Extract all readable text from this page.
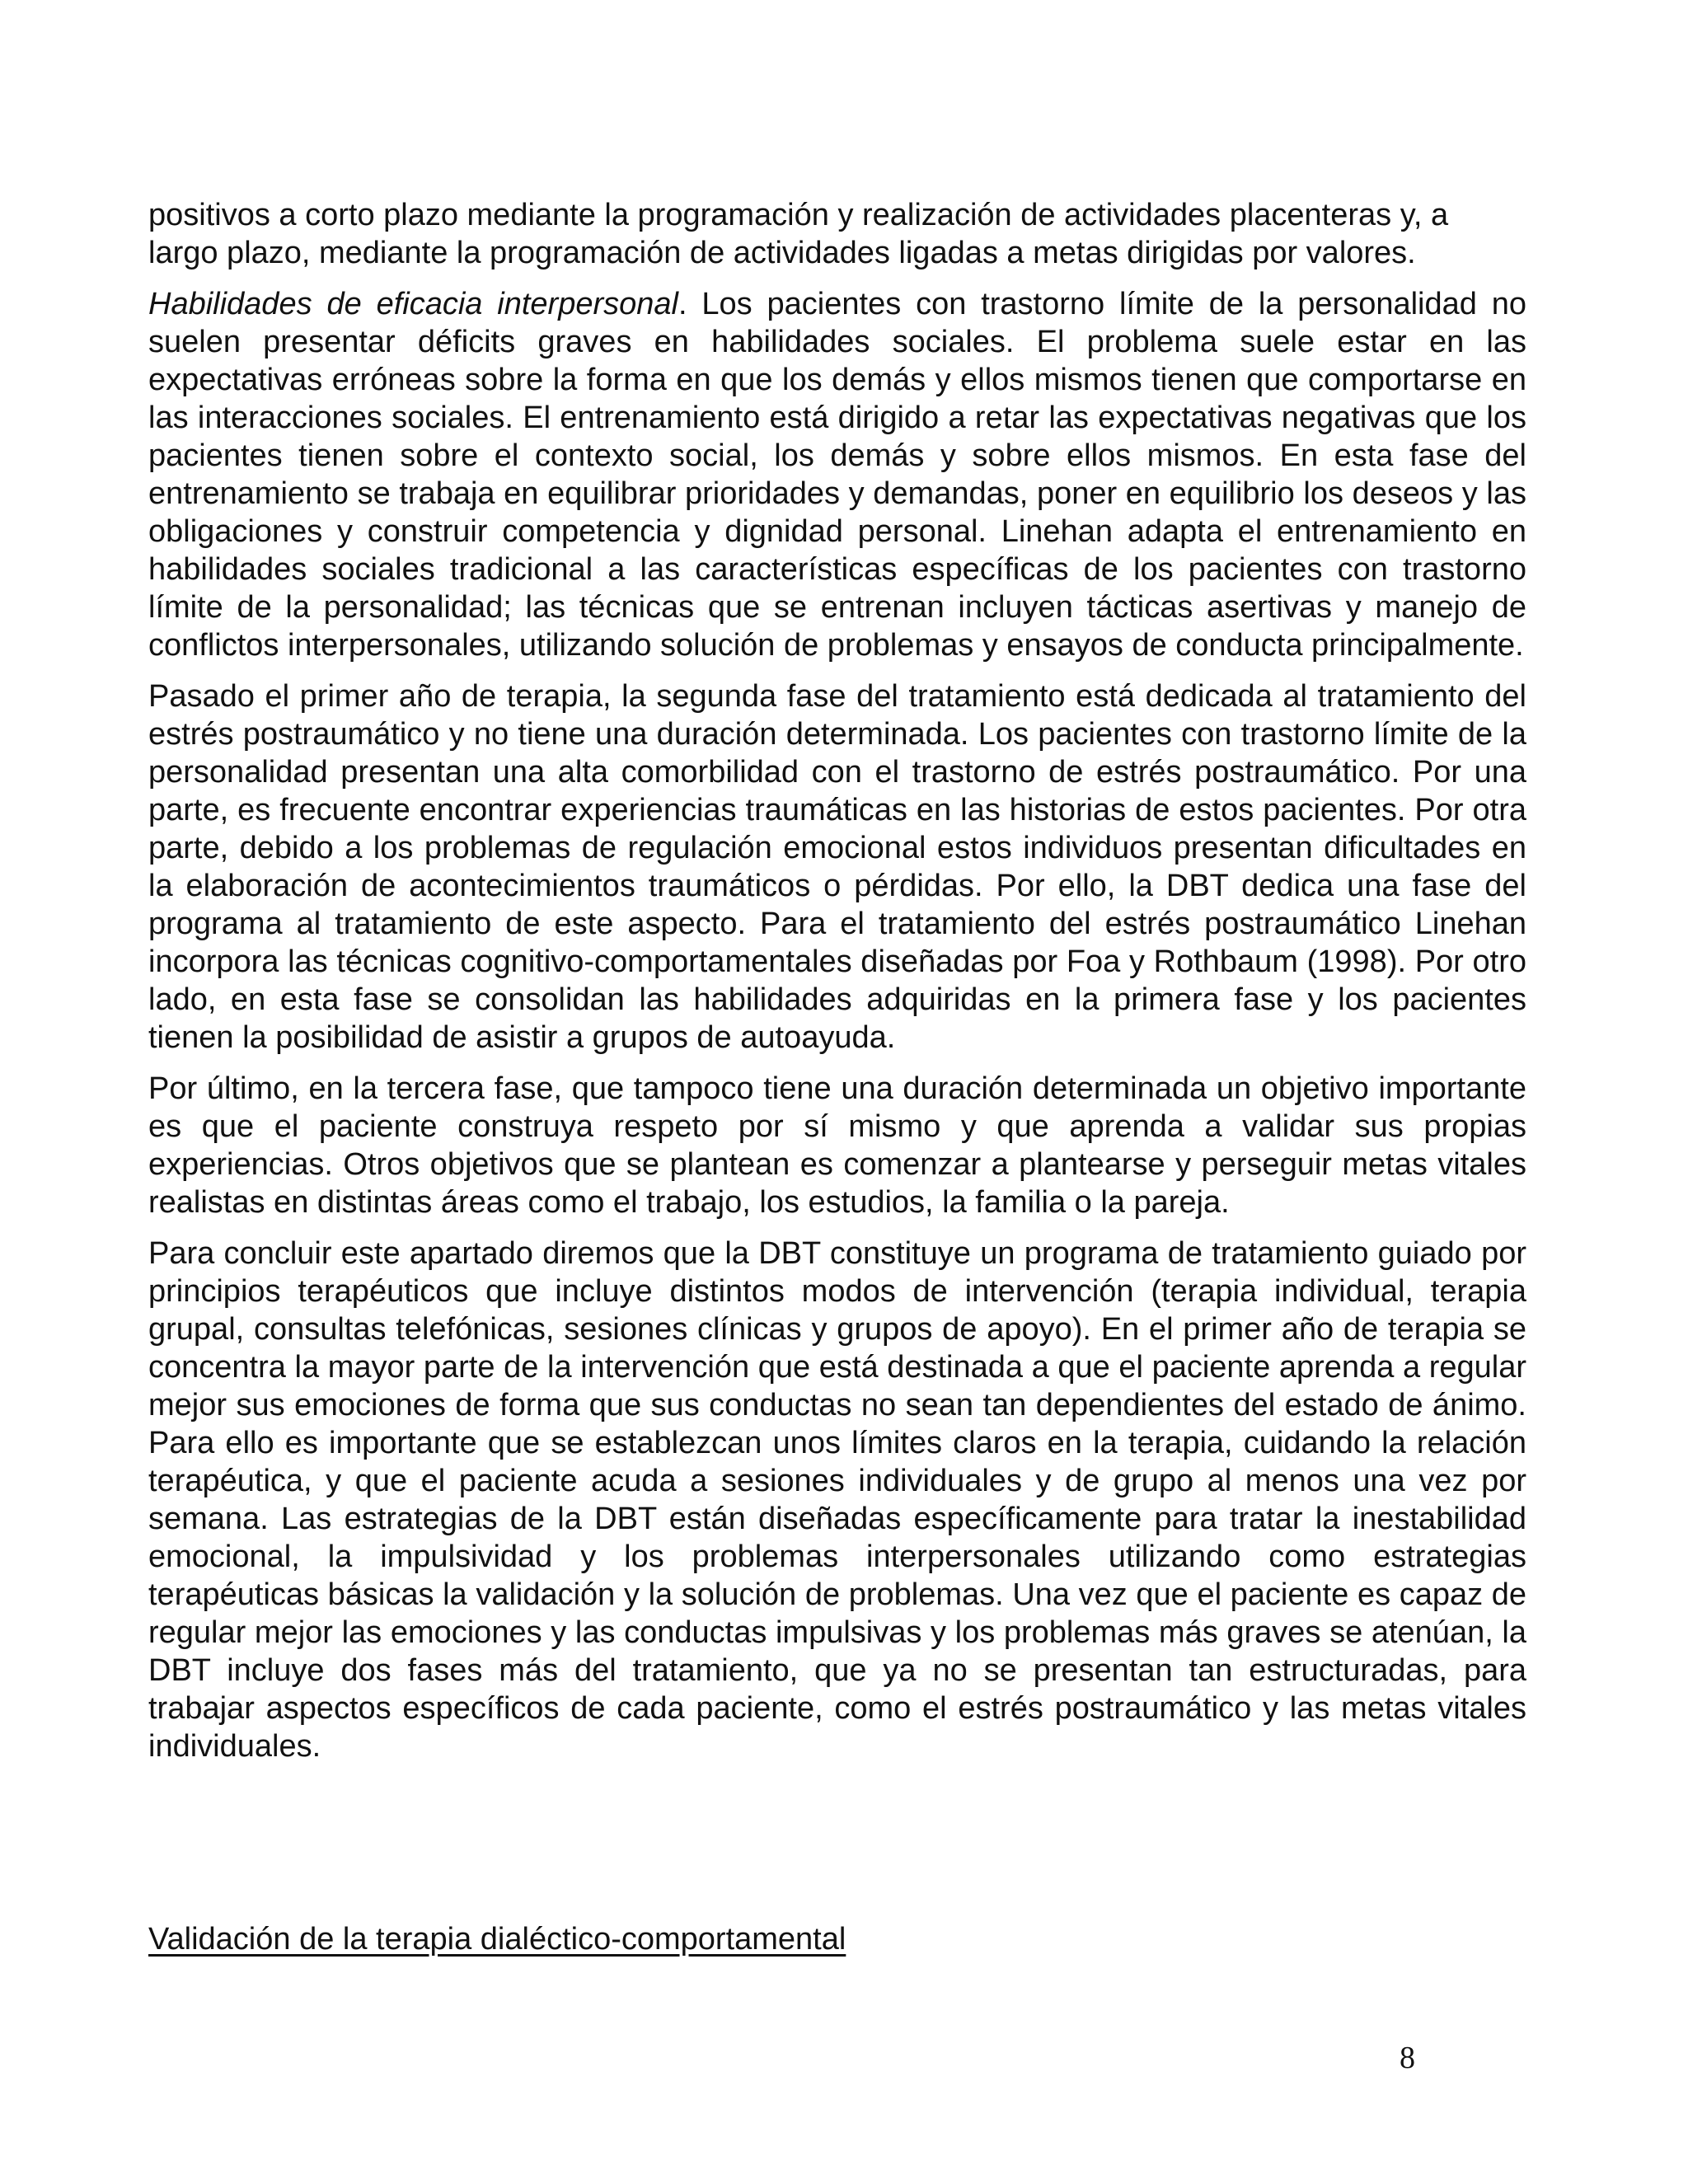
positivos a corto plazo mediante la programación y realización de actividades placenteras y, a largo plazo, mediante la programación de actividades ligadas a metas dirigidas por valores.

Habilidades de eficacia interpersonal. Los pacientes con trastorno límite de la personalidad no suelen presentar déficits graves en habilidades sociales. El problema suele estar en las expectativas erróneas sobre la forma en que los demás y ellos mismos tienen que comportarse en las interacciones sociales. El entrenamiento está dirigido a retar las expectativas negativas que los pacientes tienen sobre el contexto social, los demás y sobre ellos mismos. En esta fase del entrenamiento se trabaja en equilibrar prioridades y demandas, poner en equilibrio los deseos y las obligaciones y construir competencia y dignidad personal. Linehan adapta el entrenamiento en habilidades sociales tradicional a las características específicas de los pacientes con trastorno límite de la personalidad; las técnicas que se entrenan incluyen tácticas asertivas y manejo de conflictos interpersonales, utilizando solución de problemas y ensayos de conducta principalmente.

Pasado el primer año de terapia, la segunda fase del tratamiento está dedicada al tratamiento del estrés postraumático y no tiene una duración determinada. Los pacientes con trastorno límite de la personalidad presentan una alta comorbilidad con el trastorno de estrés postraumático. Por una parte, es frecuente encontrar experiencias traumáticas en las historias de estos pacientes. Por otra parte, debido a los problemas de regulación emocional estos individuos presentan dificultades en la elaboración de acontecimientos traumáticos o pérdidas. Por ello, la DBT dedica una fase del programa al tratamiento de este aspecto. Para el tratamiento del estrés postraumático Linehan incorpora las técnicas cognitivo-comportamentales diseñadas por Foa y Rothbaum (1998). Por otro lado, en esta fase se consolidan las habilidades adquiridas en la primera fase y los pacientes tienen la posibilidad de asistir a grupos de autoayuda.

Por último, en la tercera fase, que tampoco tiene una duración determinada un objetivo importante es que el paciente construya respeto por sí mismo y que aprenda a validar sus propias experiencias. Otros objetivos que se plantean es comenzar a plantearse y perseguir metas vitales realistas en distintas áreas como el trabajo, los estudios, la familia o la pareja.

Para concluir este apartado diremos que la DBT constituye un programa de tratamiento guiado por principios terapéuticos que incluye distintos modos de intervención (terapia individual, terapia grupal, consultas telefónicas, sesiones clínicas y grupos de apoyo). En el primer año de terapia se concentra la mayor parte de la intervención que está destinada a que el paciente aprenda a regular mejor sus emociones de forma que sus conductas no sean tan dependientes del estado de ánimo. Para ello es importante que se establezcan unos límites claros en la terapia, cuidando la relación terapéutica, y que el paciente acuda a sesiones individuales y de grupo al menos una vez por semana. Las estrategias de la DBT están diseñadas específicamente para tratar la inestabilidad emocional, la impulsividad y los problemas interpersonales utilizando como estrategias terapéuticas básicas la validación y la solución de problemas. Una vez que el paciente es capaz de regular mejor las emociones y las conductas impulsivas y los problemas más graves se atenúan, la DBT incluye dos fases más del tratamiento, que ya no se presentan tan estructuradas, para trabajar aspectos específicos de cada paciente, como el estrés postraumático y las metas vitales individuales.

Validación de la terapia dialéctico-comportamental
8
